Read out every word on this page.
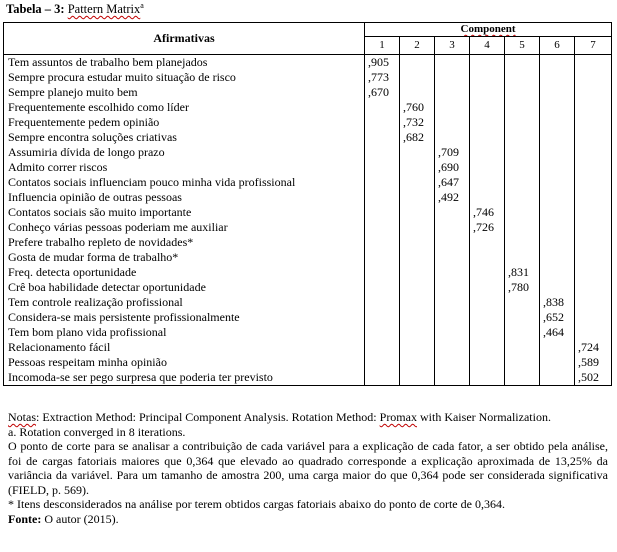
Tabela – 3: Pattern Matrix$^a$
Afirmativas	Component						
	1	2	3	4	5	6	7
Tem assuntos de trabalho bem planejados	,905						
Sempre procura estudar muito situação de risco	,773						
Sempre planejo muito bem	,670						
Frequentemente escolhido como líder		,760					
Frequentemente pedem opinião		,732					
Sempre encontra soluções criativas		,682					
Assumiria dívida de longo prazo			,709				
Admito correr riscos			,690				
Contatos sociais influenciam pouco minha vida profissional			,647				
Influencia opinião de outras pessoas			,492				
Contatos sociais são muito importante				,746			
Conheço várias pessoas poderiam me auxiliar				,726			
Prefere trabalho repleto de novidades*							
Gosta de mudar forma de trabalho*							
Freq. detecta oportunidade					,831		
Crê boa habilidade detectar oportunidade					,780		
Tem controle realização profissional						,838	
Considera-se mais persistente profissionalmente						,652	
Tem bom plano vida profissional						,464	
Relacionamento fácil							,724
Pessoas respeitam minha opinião							,589
Incomoda-se ser pego surpresa que poderia ter previsto							,502

Notas: Extraction Method: Principal Component Analysis. Rotation Method: Promax with Kaiser Normalization.

a. Rotation converged in 8 iterations.

O ponto de corte para se analisar a contribuição de cada variável para a explicação de cada fator, a ser obtido pela análise, foi de cargas fatoriais maiores que 0,364 que elevado ao quadrado corresponde a explicação aproximada de 13,25% da variância da variável. Para um tamanho de amostra 200, uma carga maior do que 0,364 pode ser considerada significativa (FIELD, p. 569).

* Itens desconsiderados na análise por terem obtidos cargas fatoriais abaixo do ponto de corte de 0,364.

Fonte: O autor (2015).
